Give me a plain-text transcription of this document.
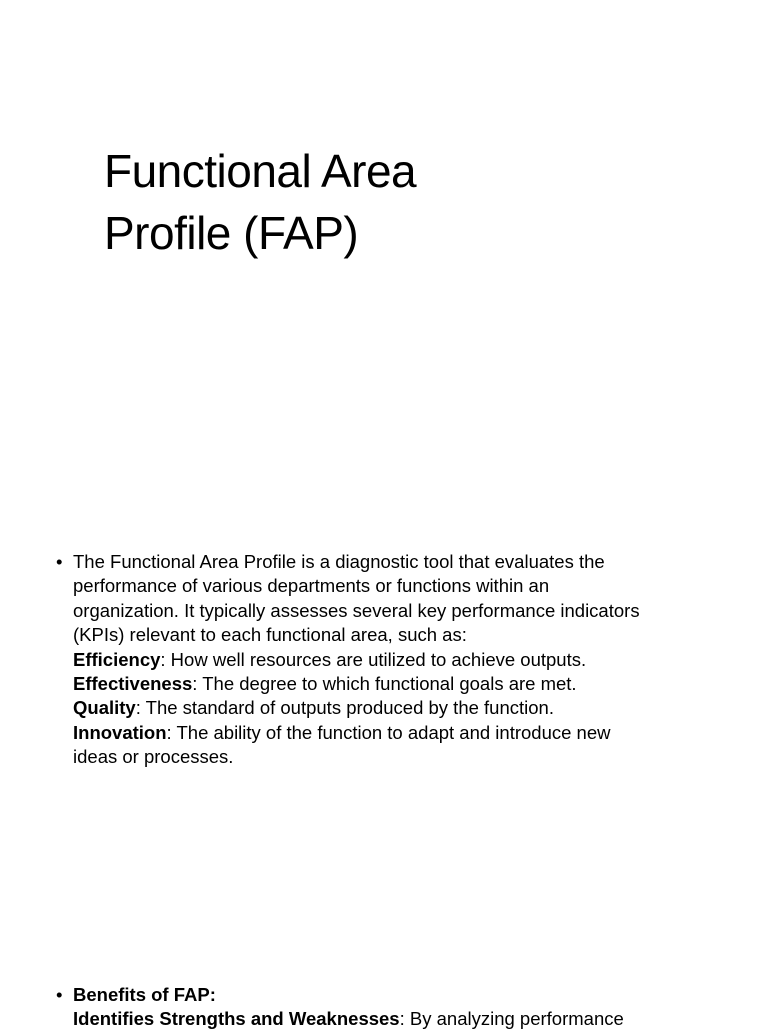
Functional Area
Profile (FAP)
• The Functional Area Profile is a diagnostic tool that evaluates the
performance of various departments or functions within an
organization. It typically assesses several key performance indicators
(KPIs) relevant to each functional area, such as:
Efficiency: How well resources are utilized to achieve outputs.
Effectiveness: The degree to which functional goals are met.
Quality: The standard of outputs produced by the function.
Innovation: The ability of the function to adapt and introduce new
ideas or processes.
• Benefits of FAP:
Identifies Strengths and Weaknesses: By analyzing performance
